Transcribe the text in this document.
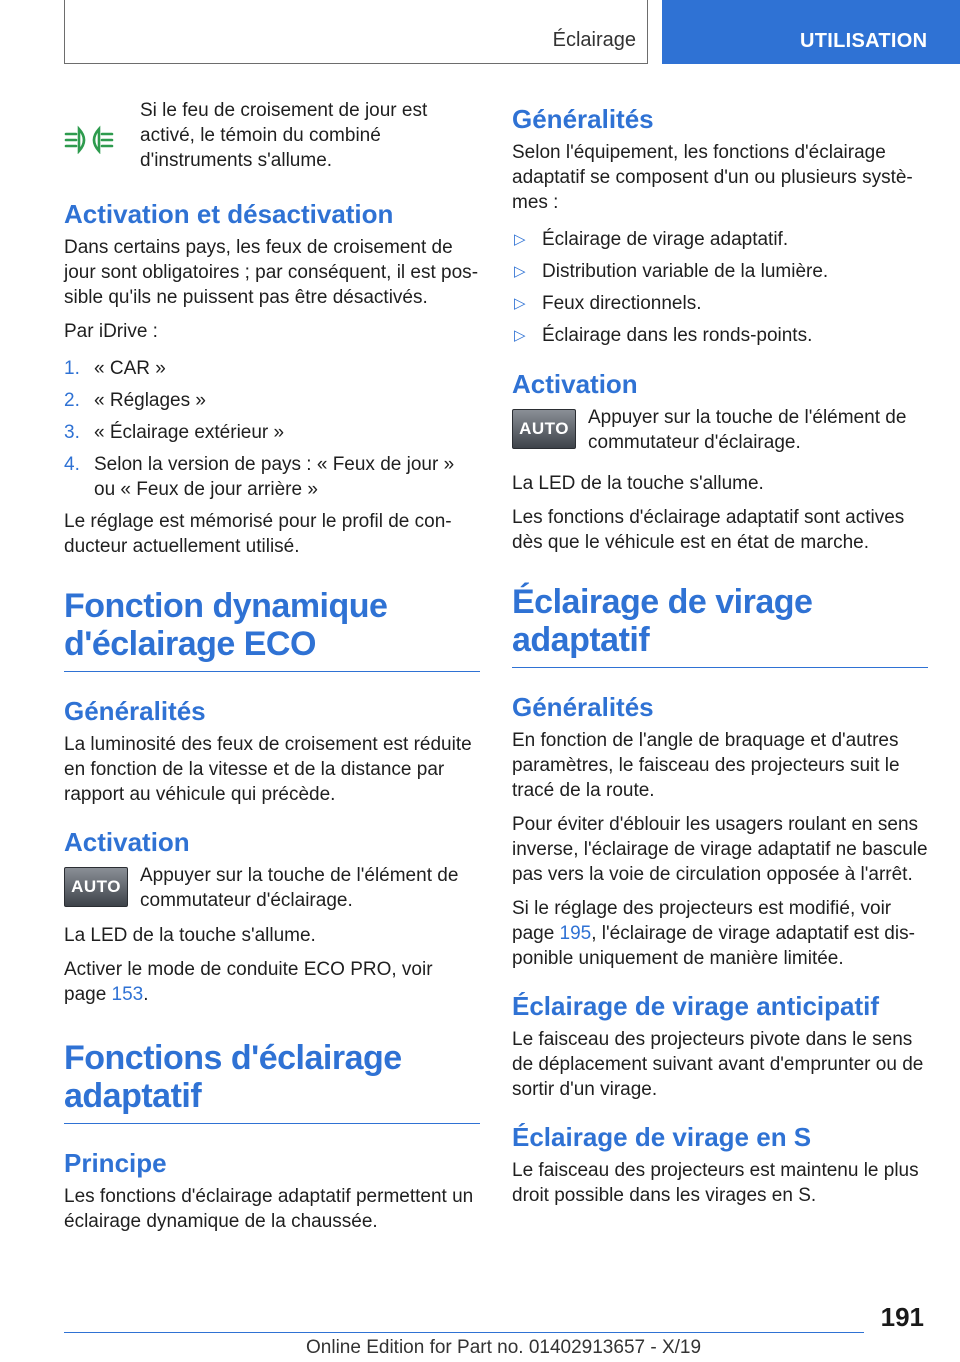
Éclairage	UTILISATION

Si le feu de croisement de jour est activé, le témoin du combiné d'instruments s'allume.

Activation et désactivation

Dans certains pays, les feux de croisement de jour sont obligatoires ; par conséquent, il est possible qu'ils ne puissent pas être désactivés.

Par iDrive :

1. « CAR »
2. « Réglages »
3. « Éclairage extérieur »
4. Selon la version de pays : « Feux de jour » ou « Feux de jour arrière »

Le réglage est mémorisé pour le profil de conducteur actuellement utilisé.

Fonction dynamique d'éclairage ECO
Généralités

La luminosité des feux de croisement est réduite en fonction de la vitesse et de la distance par rapport au véhicule qui précède.

Activation
AUTO

Appuyer sur la touche de l'élément de commutateur d'éclairage.

La LED de la touche s'allume.

Activer le mode de conduite ECO PRO, voir page 153.

Fonctions d'éclairage adaptatif
Principe

Les fonctions d'éclairage adaptatif permettent un éclairage dynamique de la chaussée.

Généralités

Selon l'équipement, les fonctions d'éclairage adaptatif se composent d'un ou plusieurs systèmes :

▷ Éclairage de virage adaptatif.
▷ Distribution variable de la lumière.
▷ Feux directionnels.
▷ Éclairage dans les ronds-points.
Activation
AUTO

Appuyer sur la touche de l'élément de commutateur d'éclairage.

La LED de la touche s'allume.

Les fonctions d'éclairage adaptatif sont actives dès que le véhicule est en état de marche.

Éclairage de virage adaptatif
Généralités

En fonction de l'angle de braquage et d'autres paramètres, le faisceau des projecteurs suit le tracé de la route.

Pour éviter d'éblouir les usagers roulant en sens inverse, l'éclairage de virage adaptatif ne bascule pas vers la voie de circulation opposée à l'arrêt.

Si le réglage des projecteurs est modifié, voir page 195, l'éclairage de virage adaptatif est disponible uniquement de manière limitée.

Éclairage de virage anticipatif

Le faisceau des projecteurs pivote dans le sens de déplacement suivant avant d'emprunter ou de sortir d'un virage.

Éclairage de virage en S

Le faisceau des projecteurs est maintenu le plus droit possible dans les virages en S.

191
Online Edition for Part no. 01402913657 - X/19
